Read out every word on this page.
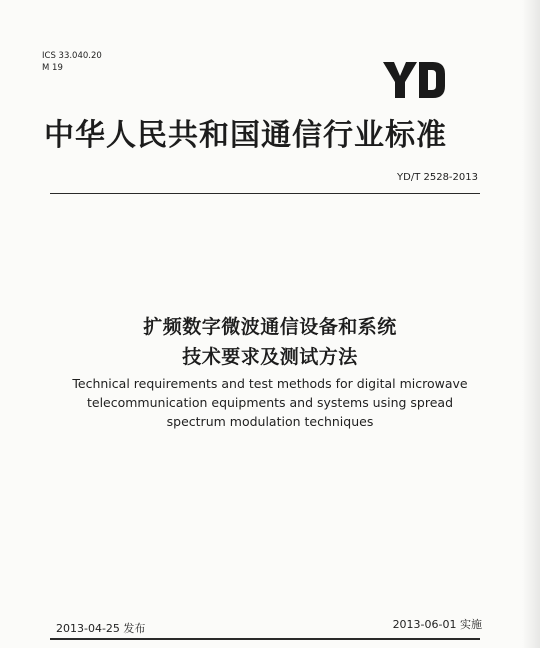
ICS 33.040.20
M 19
中华人民共和国通信行业标准
YD/T 2528-2013
扩频数字微波通信设备和系统
技术要求及测试方法
Technical requirements and test methods for digital microwave
telecommunication equipments and systems using spread
spectrum modulation techniques
2013-04-25 发布	2013-06-01 实施
